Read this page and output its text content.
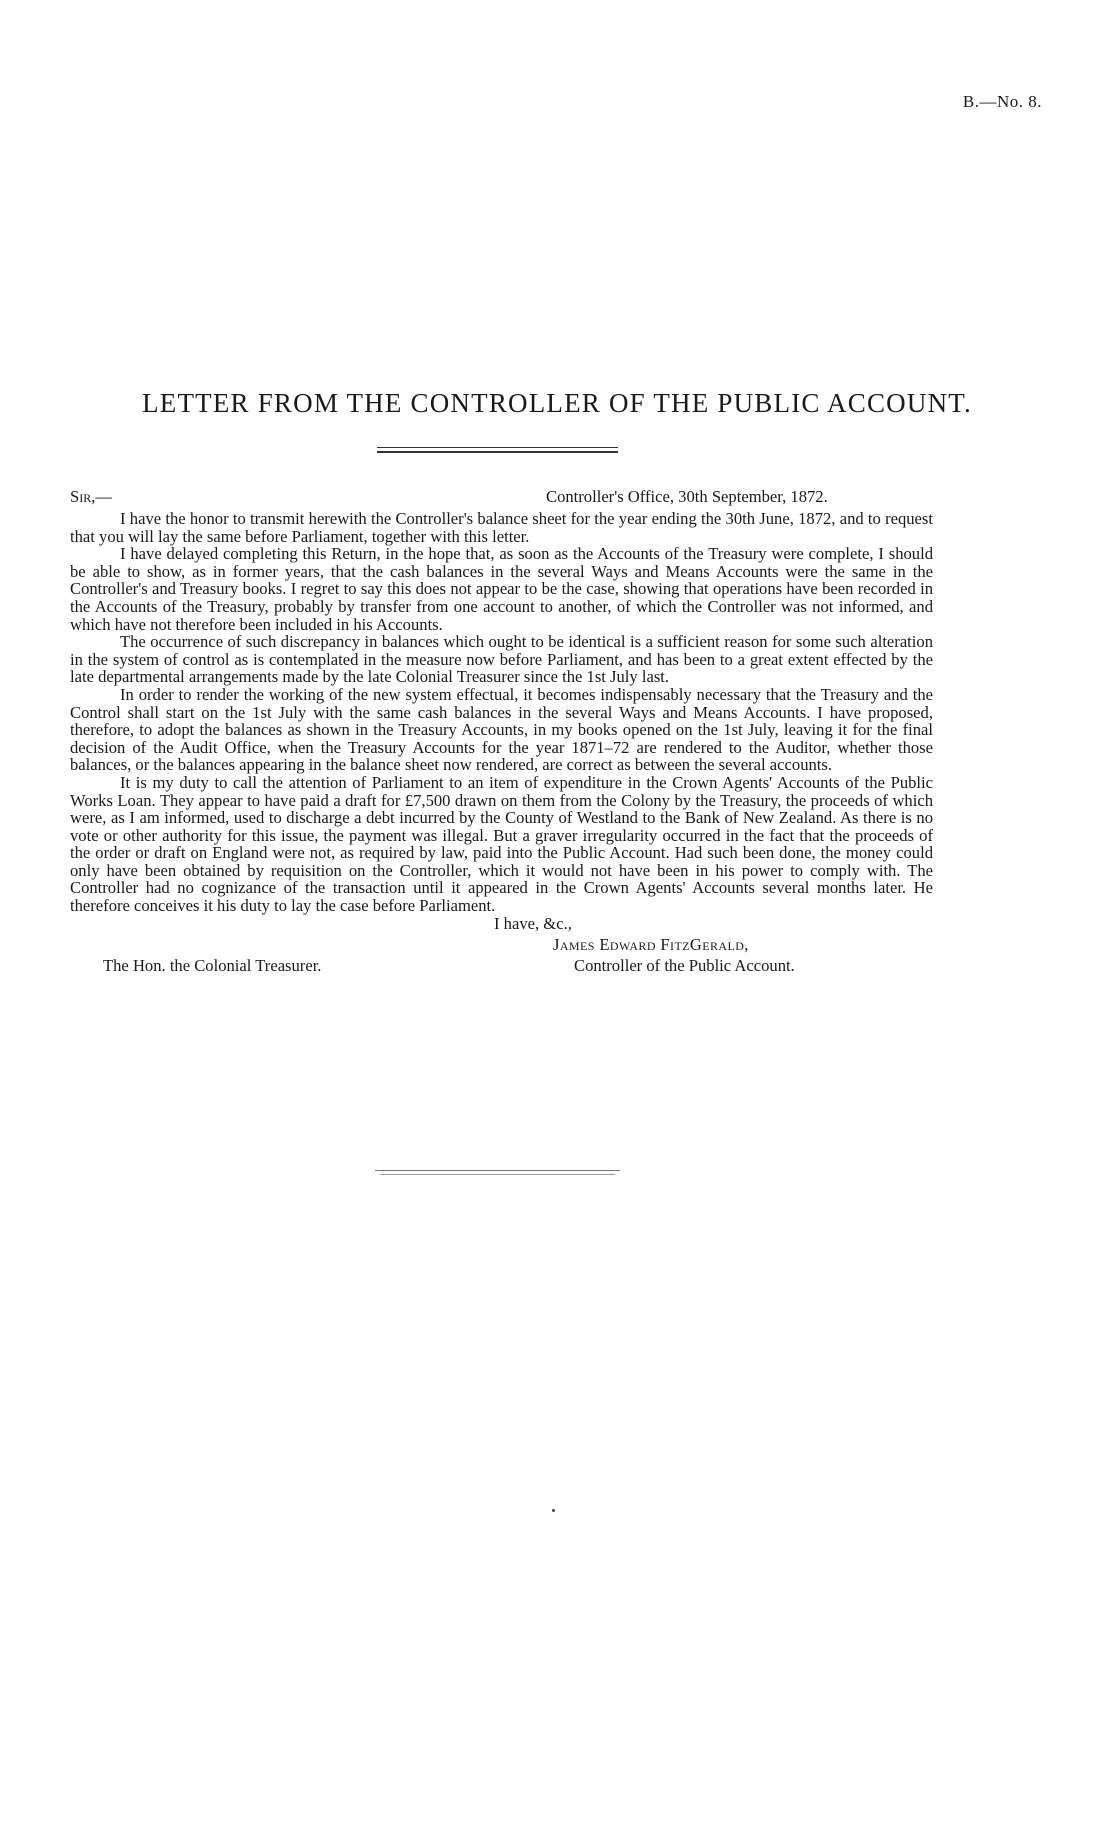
B.—No. 8.
LETTER FROM THE CONTROLLER OF THE PUBLIC ACCOUNT.
Sir,—	Controller's Office, 30th September, 1872.

I have the honor to transmit herewith the Controller's balance sheet for the year ending the 30th June, 1872, and to request that you will lay the same before Parliament, together with this letter.

I have delayed completing this Return, in the hope that, as soon as the Accounts of the Treasury were complete, I should be able to show, as in former years, that the cash balances in the several Ways and Means Accounts were the same in the Controller's and Treasury books. I regret to say this does not appear to be the case, showing that operations have been recorded in the Accounts of the Treasury, probably by transfer from one account to another, of which the Controller was not informed, and which have not therefore been included in his Accounts.

The occurrence of such discrepancy in balances which ought to be identical is a sufficient reason for some such alteration in the system of control as is contemplated in the measure now before Parliament, and has been to a great extent effected by the late departmental arrangements made by the late Colonial Treasurer since the 1st July last.

In order to render the working of the new system effectual, it becomes indispensably necessary that the Treasury and the Control shall start on the 1st July with the same cash balances in the several Ways and Means Accounts. I have proposed, therefore, to adopt the balances as shown in the Treasury Accounts, in my books opened on the 1st July, leaving it for the final decision of the Audit Office, when the Treasury Accounts for the year 1871–72 are rendered to the Auditor, whether those balances, or the balances appearing in the balance sheet now rendered, are correct as between the several accounts.

It is my duty to call the attention of Parliament to an item of expenditure in the Crown Agents' Accounts of the Public Works Loan. They appear to have paid a draft for £7,500 drawn on them from the Colony by the Treasury, the proceeds of which were, as I am informed, used to discharge a debt incurred by the County of Westland to the Bank of New Zealand. As there is no vote or other authority for this issue, the payment was illegal. But a graver irregularity occurred in the fact that the proceeds of the order or draft on England were not, as required by law, paid into the Public Account. Had such been done, the money could only have been obtained by requisition on the Controller, which it would not have been in his power to comply with. The Controller had no cognizance of the transaction until it appeared in the Crown Agents' Accounts several months later. He therefore conceives it his duty to lay the case before Parliament.

I have, &c.,
James Edward FitzGerald,
The Hon. the Colonial Treasurer.	Controller of the Public Account.
